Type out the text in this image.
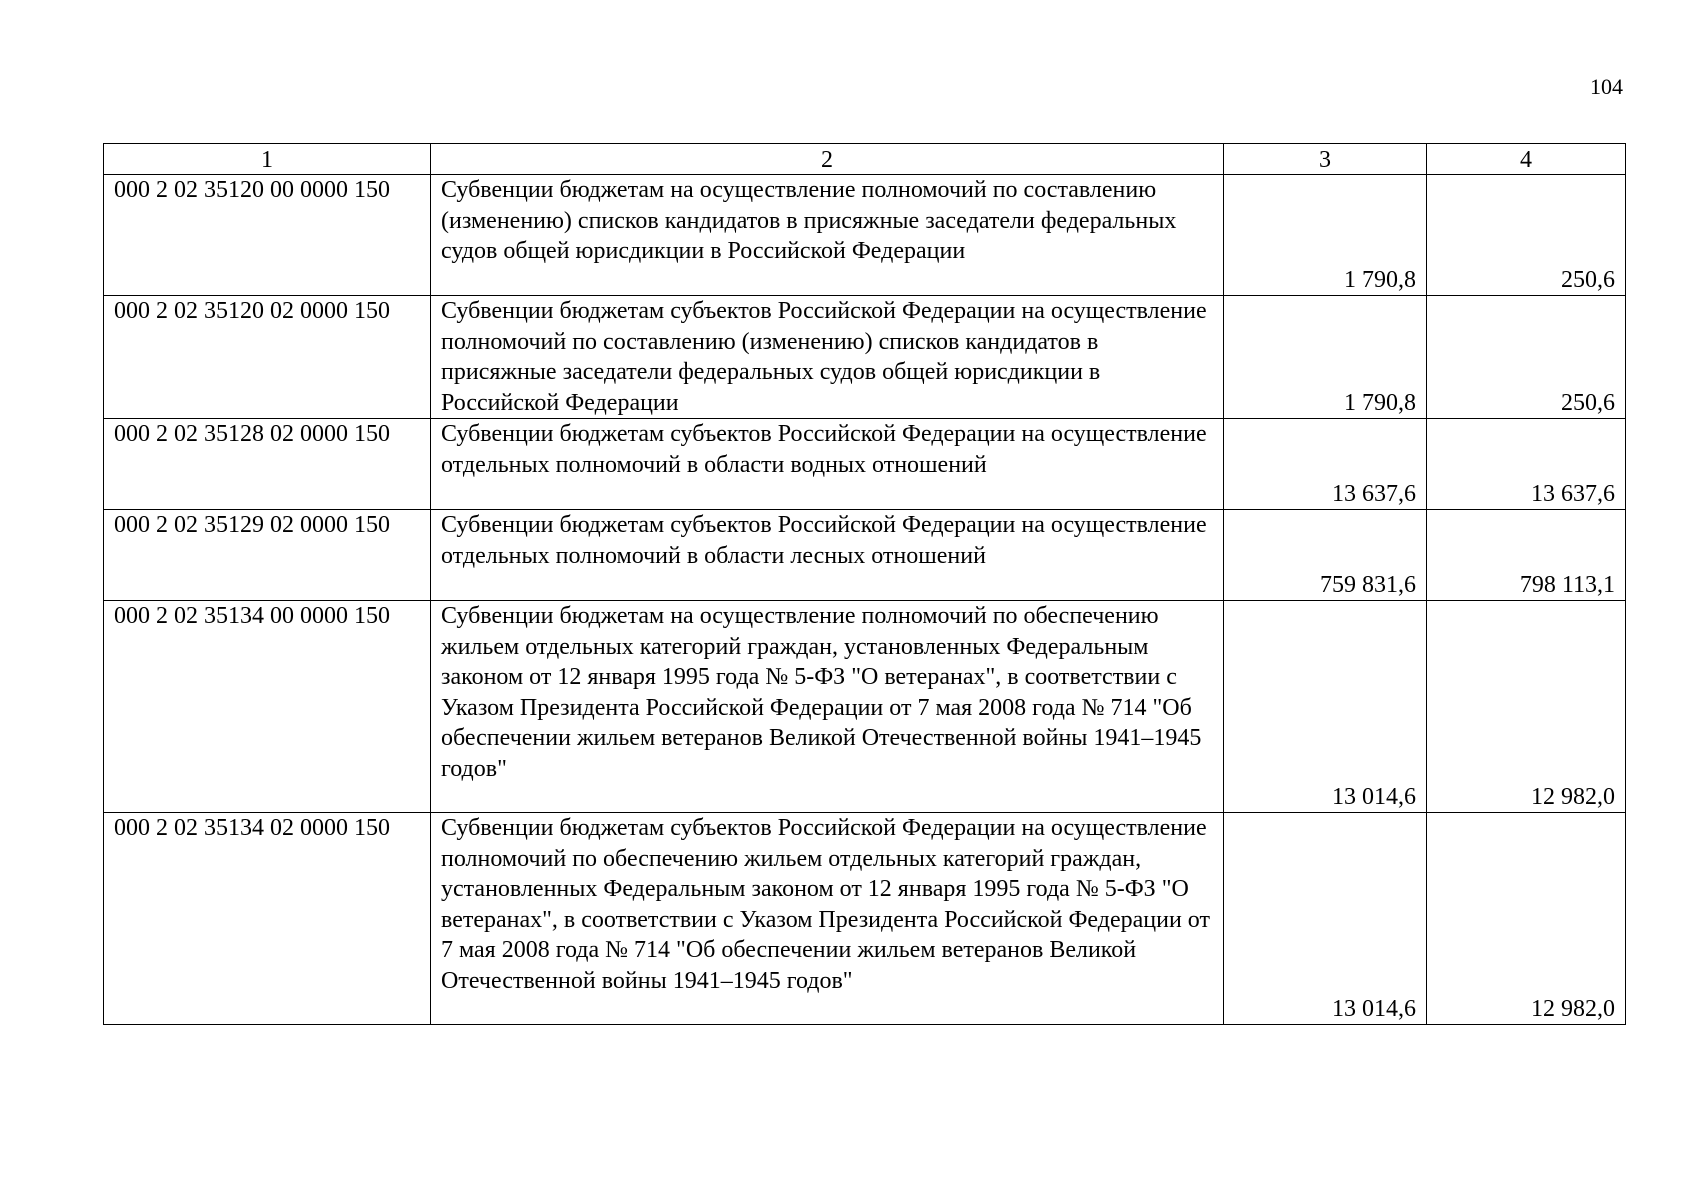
104
1	2	3	4
000 2 02 35120 00 0000 150	Субвенции бюджетам на осуществление полномочий по составлению (изменению) списков кандидатов в присяжные заседатели федеральных судов общей юрисдикции в Российской Федерации	1 790,8	250,6
000 2 02 35120 02 0000 150	Субвенции бюджетам субъектов Российской Федерации на осуществление полномочий по составлению (изменению) списков кандидатов в присяжные заседатели федеральных судов общей юрисдикции в Российской Федерации	1 790,8	250,6
000 2 02 35128 02 0000 150	Субвенции бюджетам субъектов Российской Федерации на осуществление отдельных полномочий в области водных отношений	13 637,6	13 637,6
000 2 02 35129 02 0000 150	Субвенции бюджетам субъектов Российской Федерации на осуществление отдельных полномочий в области лесных отношений	759 831,6	798 113,1
000 2 02 35134 00 0000 150	Субвенции бюджетам на осуществление полномочий по обеспечению жильем отдельных категорий граждан, установленных Федеральным законом от 12 января 1995 года № 5-ФЗ "О ветеранах", в соответствии с Указом Президента Российской Федерации от 7 мая 2008 года № 714 "Об обеспечении жильем ветеранов Великой Отечественной войны 1941–1945 годов"	13 014,6	12 982,0
000 2 02 35134 02 0000 150	Субвенции бюджетам субъектов Российской Федерации на осуществление полномочий по обеспечению жильем отдельных категорий граждан, установленных Федеральным законом от 12 января 1995 года № 5-ФЗ "О ветеранах", в соответствии с Указом Президента Российской Федерации от 7 мая 2008 года № 714 "Об обеспечении жильем ветеранов Великой Отечественной войны 1941–1945 годов"	13 014,6	12 982,0
